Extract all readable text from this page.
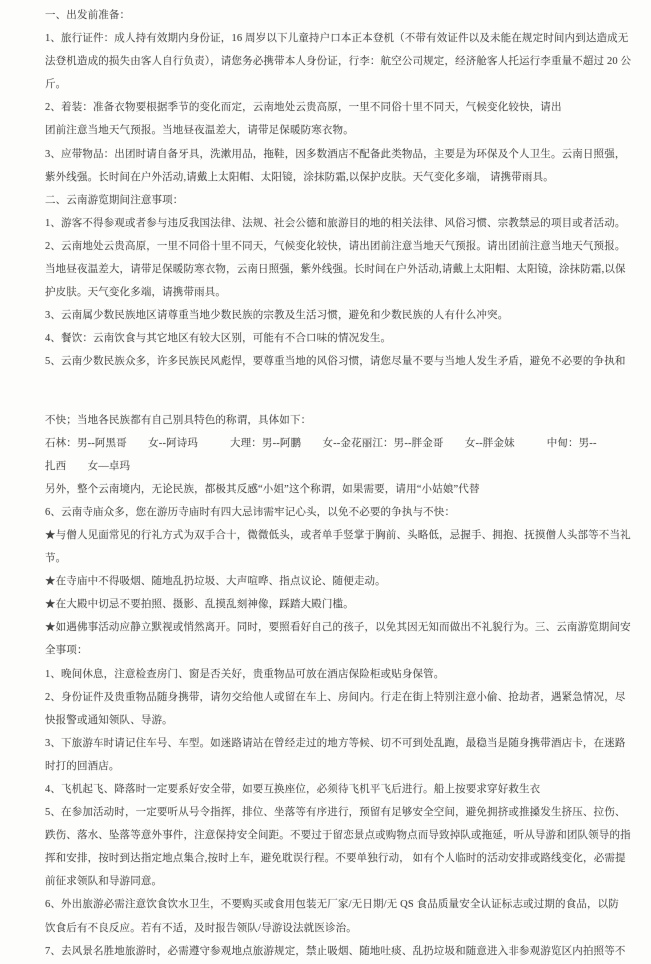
一、出发前准备：
1、旅行证件：成人持有效期内身份证，16 周岁以下儿童持户口本正本登机（不带有效证件以及未能在规定时间内到达造成无
法登机造成的损失由客人自行负责），请您务必携带本人身份证，行李：航空公司规定，经济舱客人托运行李重量不超过 20 公
斤。
2、着装：准备衣物要根据季节的变化而定，云南地处云贵高原，一里不同俗十里不同天，气候变化较快，请出
团前注意当地天气预报。当地昼夜温差大，请带足保暖防寒衣物。
3、应带物品：出团时请自备牙具，洗漱用品，拖鞋，因多数酒店不配备此类物品，主要是为环保及个人卫生。云南日照强，
紫外线强。长时间在户外活动,请戴上太阳帽、太阳镜，涂抹防霜,以保护皮肤。天气变化多端， 请携带雨具。
二、云南游览期间注意事项：
1、游客不得参观或者参与违反我国法律、法规、社会公德和旅游目的地的相关法律、风俗习惯、宗教禁忌的项目或者活动。
2、云南地处云贵高原，一里不同俗十里不同天，气候变化较快，请出团前注意当地天气预报。请出团前注意当地天气预报。
当地昼夜温差大，请带足保暖防寒衣物，云南日照强，紫外线强。长时间在户外活动,请戴上太阳帽、太阳镜，涂抹防霜,以保
护皮肤。天气变化多端，请携带雨具。
3、云南属少数民族地区请尊重当地少数民族的宗教及生活习惯，避免和少数民族的人有什么冲突。
4、餐饮：云南饮食与其它地区有较大区别，可能有不合口味的情况发生。
5、云南少数民族众多，许多民族民风彪悍，要尊重当地的风俗习惯，请您尽量不要与当地人发生矛盾，避免不必要的争执和
不快；当地各民族都有自己别具特色的称谓，具体如下：
石林：男--阿黑哥　　女--阿诗玛　　　大理：男--阿鹏　　女--金花丽江：男--胖金哥　　女--胖金妹　　　中甸：男--
扎西　　女—卓玛
另外，整个云南境内，无论民族，都极其反感“小姐”这个称谓，如果需要，请用“小姑娘”代替
6、云南寺庙众多，您在游历寺庙时有四大忌讳需牢记心头，以免不必要的争执与不快：
★与僧人见面常见的行礼方式为双手合十，微微低头，或者单手竖掌于胸前、头略低，忌握手、拥抱、抚摸僧人头部等不当礼
节。
★在寺庙中不得吸烟、随地乱扔垃圾、大声喧哗、指点议论、随便走动。
★在大殿中切忌不要拍照、摄影、乱摸乱刻神像，踩踏大殿门槛。
★如遇佛事活动应静立默视或悄然离开。同时，要照看好自己的孩子，以免其因无知而做出不礼貌行为。三、云南游览期间安
全事项：
1、晚间休息，注意检查房门、窗是否关好，贵重物品可放在酒店保险柜或贴身保管。
2、身份证件及贵重物品随身携带，请勿交给他人或留在车上、房间内。行走在街上特别注意小偷、抢劫者，遇紧急情况，尽
快报警或通知领队、导游。
3、下旅游车时请记住车号、车型。如迷路请站在曾经走过的地方等候、切不可到处乱跑，最稳当是随身携带酒店卡，在迷路
时打的回酒店。
4、飞机起飞、降落时一定要系好安全带，如要互换座位，必须待飞机平飞后进行。船上按要求穿好救生衣
5、在参加活动时，一定要听从号令指挥，排位、坐落等有序进行，预留有足够安全空间，避免拥挤或推搡发生挤压、拉伤、
跌伤、落水、坠落等意外事件，注意保持安全间距。不要过于留恋景点或购物点而导致掉队或拖延，听从导游和团队领导的指
挥和安排，按时到达指定地点集合,按时上车，避免耽误行程。不要单独行动， 如有个人临时的活动安排或路线变化，必需提
前征求领队和导游同意。
6、外出旅游必需注意饮食饮水卫生，不要购买或食用包装无厂家/无日期/无 QS 食品质量安全认证标志或过期的食品，以防
饮食后有不良反应。若有不适，及时报告领队/导游设法就医诊治。
7、去风景名胜地旅游时，必需遵守参观地点旅游规定，禁止吸烟、随地吐痰、乱扔垃圾和随意进入非参观游览区内拍照等不
